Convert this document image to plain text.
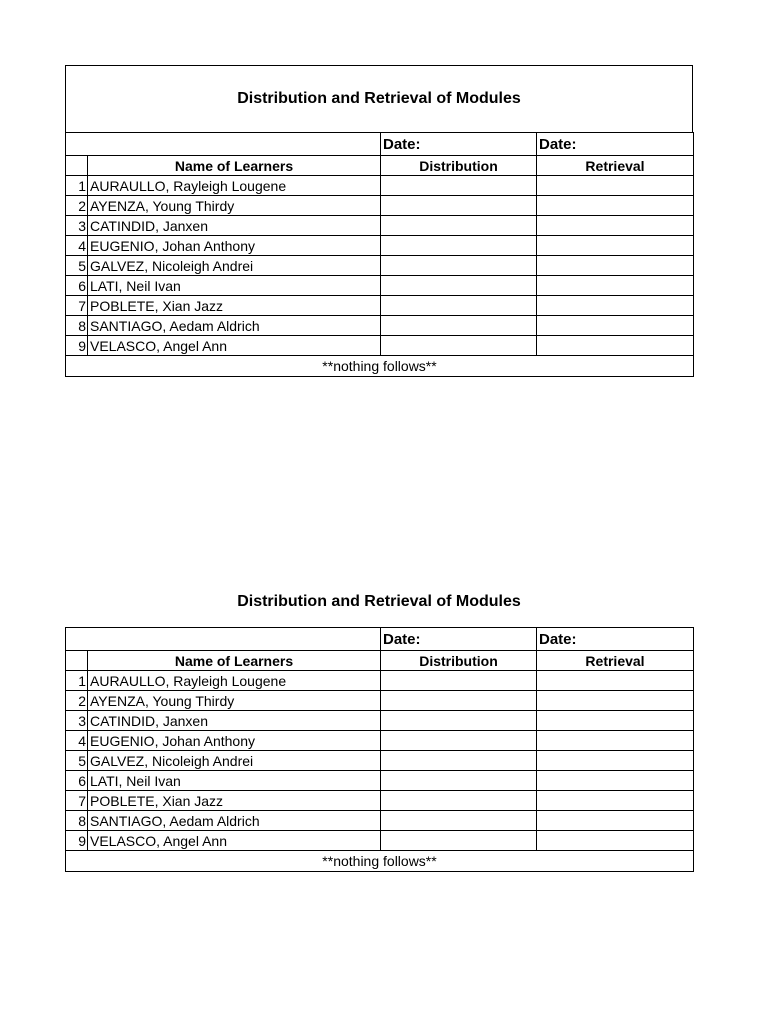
Distribution and Retrieval of Modules
		Date:	Date:
	Name of Learners	Distribution	Retrieval
1	AURAULLO, Rayleigh Lougene		
2	AYENZA, Young Thirdy		
3	CATINDID, Janxen		
4	EUGENIO, Johan Anthony		
5	GALVEZ, Nicoleigh Andrei		
6	LATI, Neil Ivan		
7	POBLETE, Xian Jazz		
8	SANTIAGO, Aedam Aldrich		
9	VELASCO, Angel Ann		
**nothing follows**			
Distribution and Retrieval of Modules
		Date:	Date:
	Name of Learners	Distribution	Retrieval
1	AURAULLO, Rayleigh Lougene		
2	AYENZA, Young Thirdy		
3	CATINDID, Janxen		
4	EUGENIO, Johan Anthony		
5	GALVEZ, Nicoleigh Andrei		
6	LATI, Neil Ivan		
7	POBLETE, Xian Jazz		
8	SANTIAGO, Aedam Aldrich		
9	VELASCO, Angel Ann		
**nothing follows**			
